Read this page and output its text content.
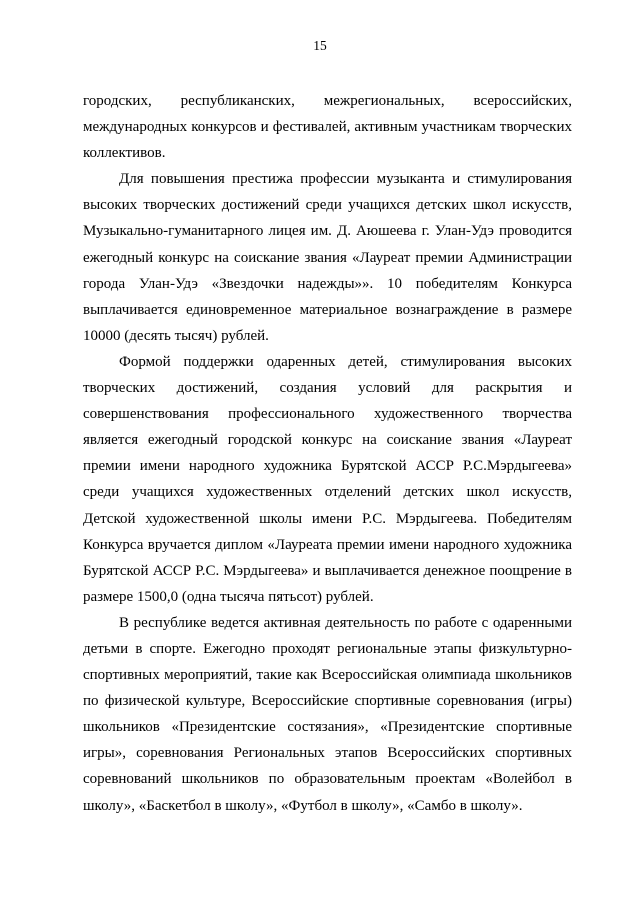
15

городских, республиканских, межрегиональных, всероссийских, международных конкурсов и фестивалей, активным участникам творческих коллективов.

Для повышения престижа профессии музыканта и стимулирования высоких творческих достижений среди учащихся детских школ искусств, Музыкально-гуманитарного лицея им. Д. Аюшеева г. Улан-Удэ проводится ежегодный конкурс на соискание звания «Лауреат премии Администрации города Улан-Удэ «Звездочки надежды»». 10 победителям Конкурса выплачивается единовременное материальное вознаграждение в размере 10000 (десять тысяч) рублей.

Формой поддержки одаренных детей, стимулирования высоких творческих достижений, создания условий для раскрытия и совершенствования профессионального художественного творчества является ежегодный городской конкурс на соискание звания «Лауреат премии имени народного художника Бурятской АССР Р.С.Мэрдыгеева» среди учащихся художественных отделений детских школ искусств, Детской художественной школы имени Р.С. Мэрдыгеева. Победителям Конкурса вручается диплом «Лауреата премии имени народного художника Бурятской АССР Р.С. Мэрдыгеева» и выплачивается денежное поощрение в размере 1500,0 (одна тысяча пятьсот) рублей.

В республике ведется активная деятельность по работе с одаренными детьми в спорте. Ежегодно проходят региональные этапы физкультурно-спортивных мероприятий, такие как Всероссийская олимпиада школьников по физической культуре, Всероссийские спортивные соревнования (игры) школьников «Президентские состязания», «Президентские спортивные игры», соревнования Региональных этапов Всероссийских спортивных соревнований школьников по образовательным проектам «Волейбол в школу», «Баскетбол в школу», «Футбол в школу», «Самбо в школу».
